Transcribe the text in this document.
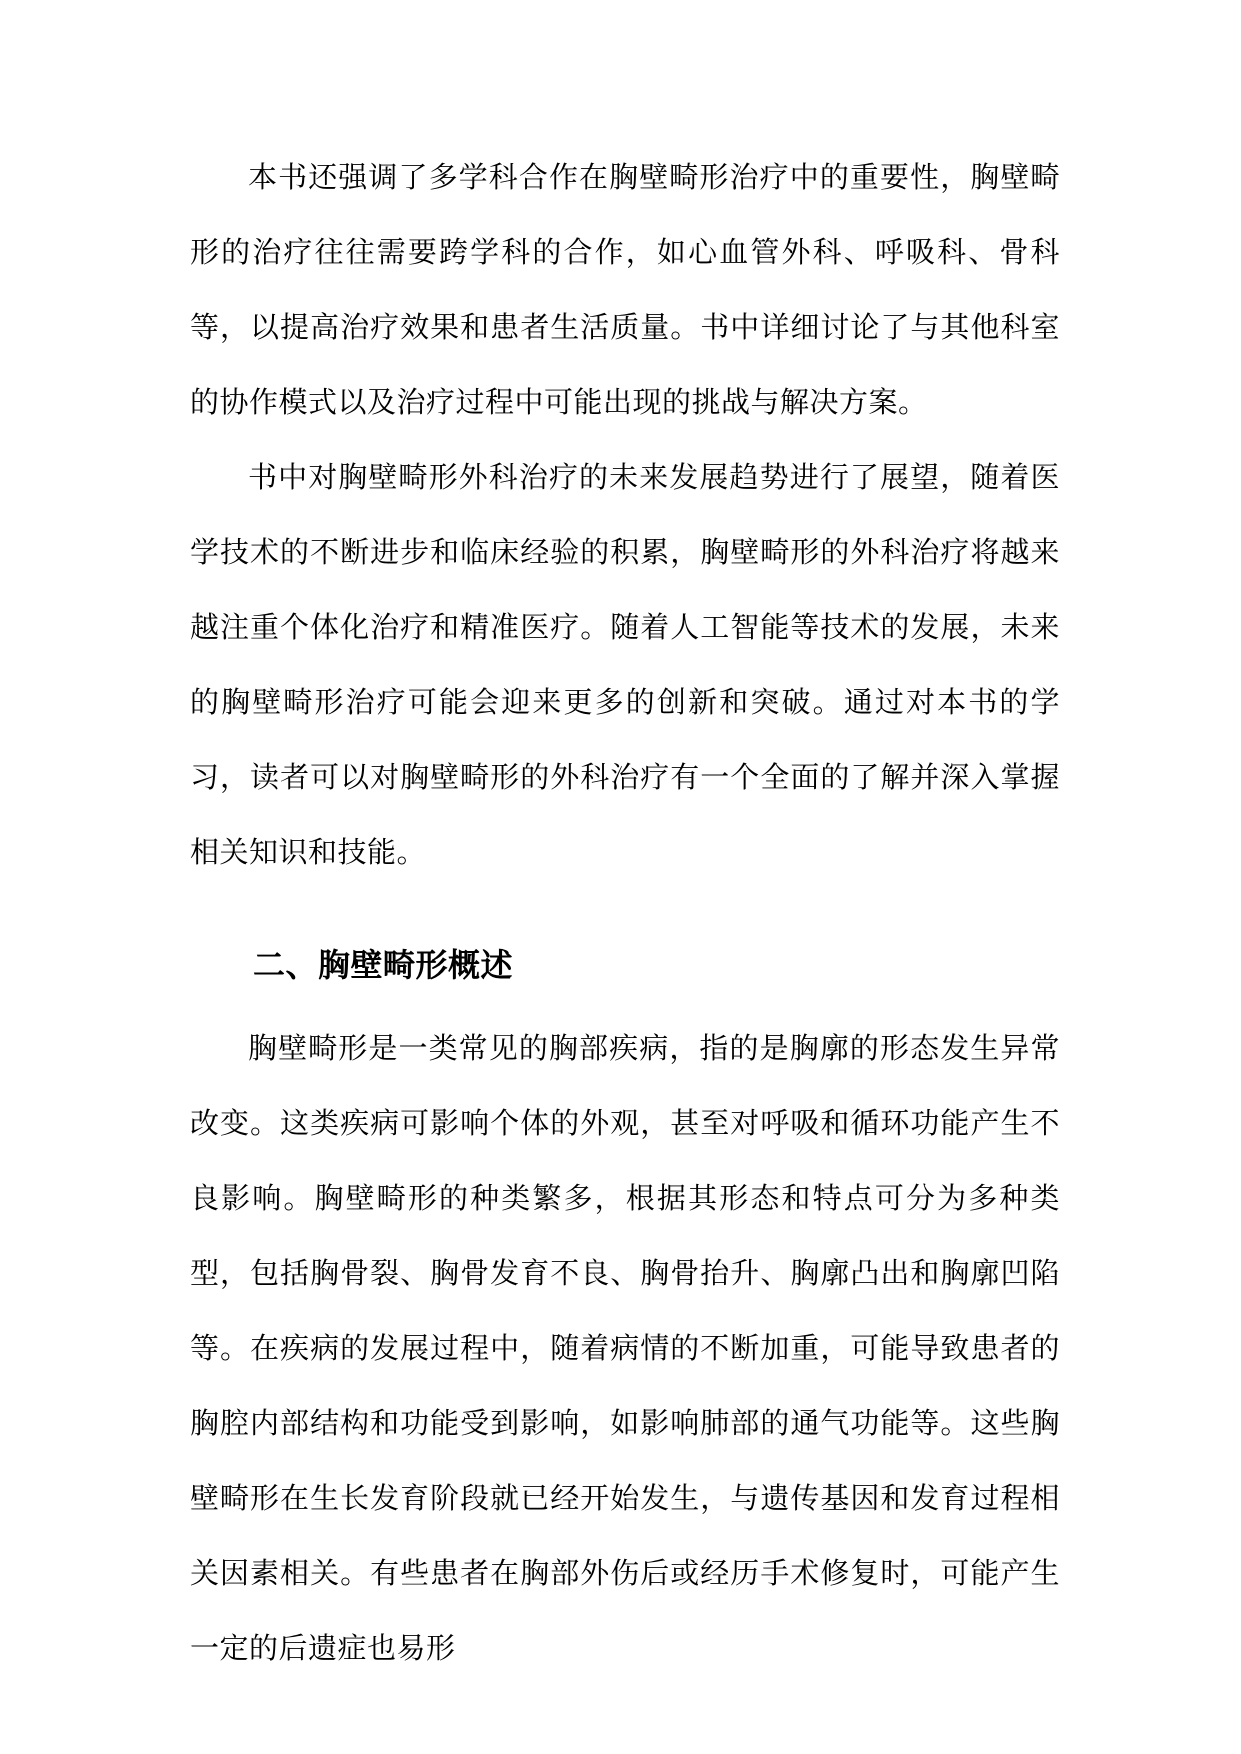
本书还强调了多学科合作在胸壁畸形治疗中的重要性，胸壁畸形的治疗往往需要跨学科的合作，如心血管外科、呼吸科、骨科等，以提高治疗效果和患者生活质量。书中详细讨论了与其他科室的协作模式以及治疗过程中可能出现的挑战与解决方案。

书中对胸壁畸形外科治疗的未来发展趋势进行了展望，随着医学技术的不断进步和临床经验的积累，胸壁畸形的外科治疗将越来越注重个体化治疗和精准医疗。随着人工智能等技术的发展，未来的胸壁畸形治疗可能会迎来更多的创新和突破。通过对本书的学习，读者可以对胸壁畸形的外科治疗有一个全面的了解并深入掌握相关知识和技能。

二、胸壁畸形概述

胸壁畸形是一类常见的胸部疾病，指的是胸廓的形态发生异常改变。这类疾病可影响个体的外观，甚至对呼吸和循环功能产生不良影响。胸壁畸形的种类繁多，根据其形态和特点可分为多种类型，包括胸骨裂、胸骨发育不良、胸骨抬升、胸廓凸出和胸廓凹陷等。在疾病的发展过程中，随着病情的不断加重，可能导致患者的胸腔内部结构和功能受到影响，如影响肺部的通气功能等。这些胸壁畸形在生长发育阶段就已经开始发生，与遗传基因和发育过程相关因素相关。有些患者在胸部外伤后或经历手术修复时，可能产生一定的后遗症也易形
